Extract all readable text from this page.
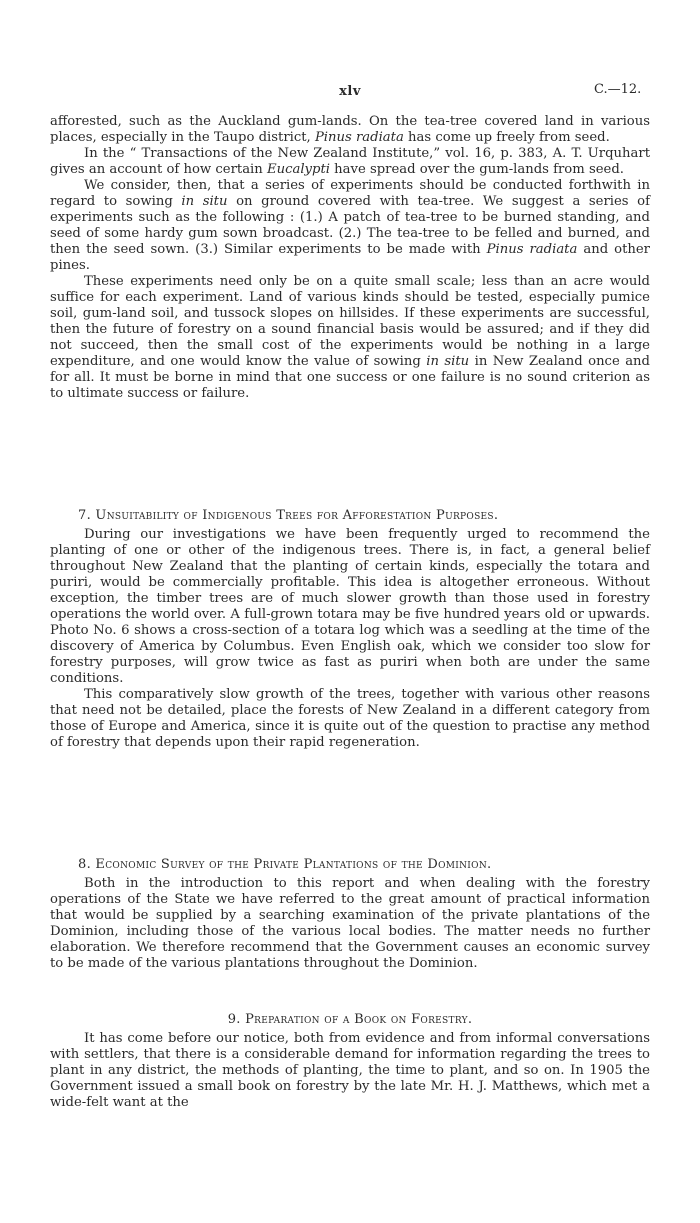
xlv	C.—12.

afforested, such as the Auckland gum-lands. On the tea-tree covered land in various places, especially in the Taupo district, Pinus radiata has come up freely from seed.

In the “ Transactions of the New Zealand Institute,” vol. 16, p. 383, A. T. Urquhart gives an account of how certain Eucalypti have spread over the gum-lands from seed.

We consider, then, that a series of experiments should be conducted forthwith in regard to sowing in situ on ground covered with tea-tree. We suggest a series of experiments such as the following : (1.) A patch of tea-tree to be burned standing, and seed of some hardy gum sown broadcast. (2.) The tea-tree to be felled and burned, and then the seed sown. (3.) Similar experiments to be made with Pinus radiata and other pines.

These experiments need only be on a quite small scale; less than an acre would suffice for each experiment. Land of various kinds should be tested, especially pumice soil, gum-land soil, and tussock slopes on hillsides. If these experiments are successful, then the future of forestry on a sound financial basis would be assured; and if they did not succeed, then the small cost of the experiments would be nothing in a large expenditure, and one would know the value of sowing in situ in New Zealand once and for all. It must be borne in mind that one success or one failure is no sound criterion as to ultimate success or failure.

7. Unsuitability of Indigenous Trees for Afforestation Purposes.

During our investigations we have been frequently urged to recommend the planting of one or other of the indigenous trees. There is, in fact, a general belief throughout New Zealand that the planting of certain kinds, especially the totara and puriri, would be commercially profitable. This idea is altogether erroneous. Without exception, the timber trees are of much slower growth than those used in forestry operations the world over. A full-grown totara may be five hundred years old or upwards. Photo No. 6 shows a cross-section of a totara log which was a seedling at the time of the discovery of America by Columbus. Even English oak, which we consider too slow for forestry purposes, will grow twice as fast as puriri when both are under the same conditions.

This comparatively slow growth of the trees, together with various other reasons that need not be detailed, place the forests of New Zealand in a different category from those of Europe and America, since it is quite out of the question to practise any method of forestry that depends upon their rapid regeneration.

8. Economic Survey of the Private Plantations of the Dominion.

Both in the introduction to this report and when dealing with the forestry operations of the State we have referred to the great amount of practical information that would be supplied by a searching examination of the private plantations of the Dominion, including those of the various local bodies. The matter needs no further elaboration. We therefore recommend that the Government causes an economic survey to be made of the various plantations throughout the Dominion.

9. Preparation of a Book on Forestry.

It has come before our notice, both from evidence and from informal conversations with settlers, that there is a considerable demand for information regarding the trees to plant in any district, the methods of planting, the time to plant, and so on. In 1905 the Government issued a small book on forestry by the late Mr. H. J. Matthews, which met a wide-felt want at the
